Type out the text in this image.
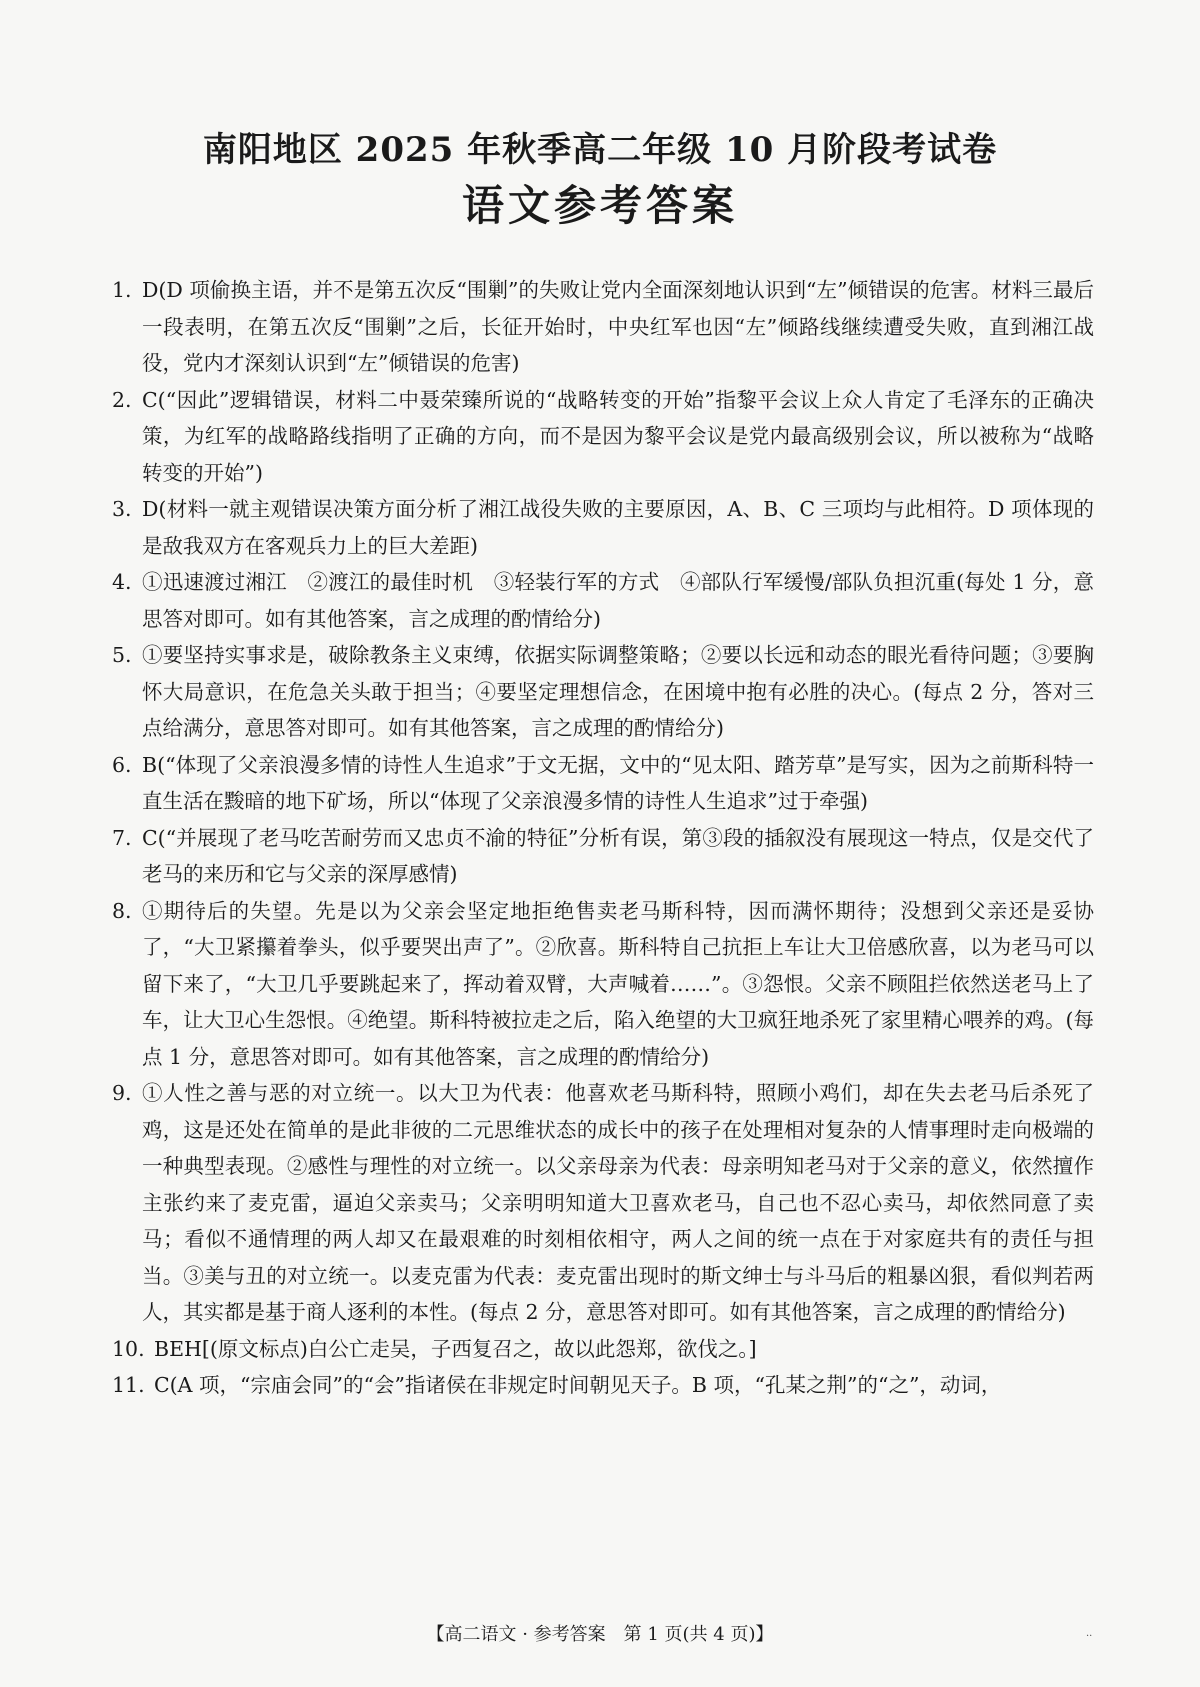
南阳地区 2025 年秋季高二年级 10 月阶段考试卷
语文参考答案
1. D(D 项偷换主语，并不是第五次反“围剿”的失败让党内全面深刻地认识到“左”倾错误的危害。材料三最后一段表明，在第五次反“围剿”之后，长征开始时，中央红军也因“左”倾路线继续遭受失败，直到湘江战役，党内才深刻认识到“左”倾错误的危害)
2. C(“因此”逻辑错误，材料二中聂荣臻所说的“战略转变的开始”指黎平会议上众人肯定了毛泽东的正确决策，为红军的战略路线指明了正确的方向，而不是因为黎平会议是党内最高级别会议，所以被称为“战略转变的开始”)
3. D(材料一就主观错误决策方面分析了湘江战役失败的主要原因，A、B、C 三项均与此相符。D 项体现的是敌我双方在客观兵力上的巨大差距)
4. ①迅速渡过湘江　②渡江的最佳时机　③轻装行军的方式　④部队行军缓慢/部队负担沉重(每处 1 分，意思答对即可。如有其他答案，言之成理的酌情给分)
5. ①要坚持实事求是，破除教条主义束缚，依据实际调整策略；②要以长远和动态的眼光看待问题；③要胸怀大局意识，在危急关头敢于担当；④要坚定理想信念，在困境中抱有必胜的决心。(每点 2 分，答对三点给满分，意思答对即可。如有其他答案，言之成理的酌情给分)
6. B(“体现了父亲浪漫多情的诗性人生追求”于文无据，文中的“见太阳、踏芳草”是写实，因为之前斯科特一直生活在黢暗的地下矿场，所以“体现了父亲浪漫多情的诗性人生追求”过于牵强)
7. C(“并展现了老马吃苦耐劳而又忠贞不渝的特征”分析有误，第③段的插叙没有展现这一特点，仅是交代了老马的来历和它与父亲的深厚感情)
8. ①期待后的失望。先是以为父亲会坚定地拒绝售卖老马斯科特，因而满怀期待；没想到父亲还是妥协了，“大卫紧攥着拳头，似乎要哭出声了”。②欣喜。斯科特自己抗拒上车让大卫倍感欣喜，以为老马可以留下来了，“大卫几乎要跳起来了，挥动着双臂，大声喊着……”。③怨恨。父亲不顾阻拦依然送老马上了车，让大卫心生怨恨。④绝望。斯科特被拉走之后，陷入绝望的大卫疯狂地杀死了家里精心喂养的鸡。(每点 1 分，意思答对即可。如有其他答案，言之成理的酌情给分)
9. ①人性之善与恶的对立统一。以大卫为代表：他喜欢老马斯科特，照顾小鸡们，却在失去老马后杀死了鸡，这是还处在简单的是此非彼的二元思维状态的成长中的孩子在处理相对复杂的人情事理时走向极端的一种典型表现。②感性与理性的对立统一。以父亲母亲为代表：母亲明知老马对于父亲的意义，依然擅作主张约来了麦克雷，逼迫父亲卖马；父亲明明知道大卫喜欢老马，自己也不忍心卖马，却依然同意了卖马；看似不通情理的两人却又在最艰难的时刻相依相守，两人之间的统一点在于对家庭共有的责任与担当。③美与丑的对立统一。以麦克雷为代表：麦克雷出现时的斯文绅士与斗马后的粗暴凶狠，看似判若两人，其实都是基于商人逐利的本性。(每点 2 分，意思答对即可。如有其他答案，言之成理的酌情给分)
10. BEH[(原文标点)白公亡走吴，子西复召之，故以此怨郑，欲伐之。]
11. C(A 项，“宗庙会同”的“会”指诸侯在非规定时间朝见天子。B 项，“孔某之荆”的“之”，动词，
【高二语文 · 参考答案　第 1 页(共 4 页)】	··
